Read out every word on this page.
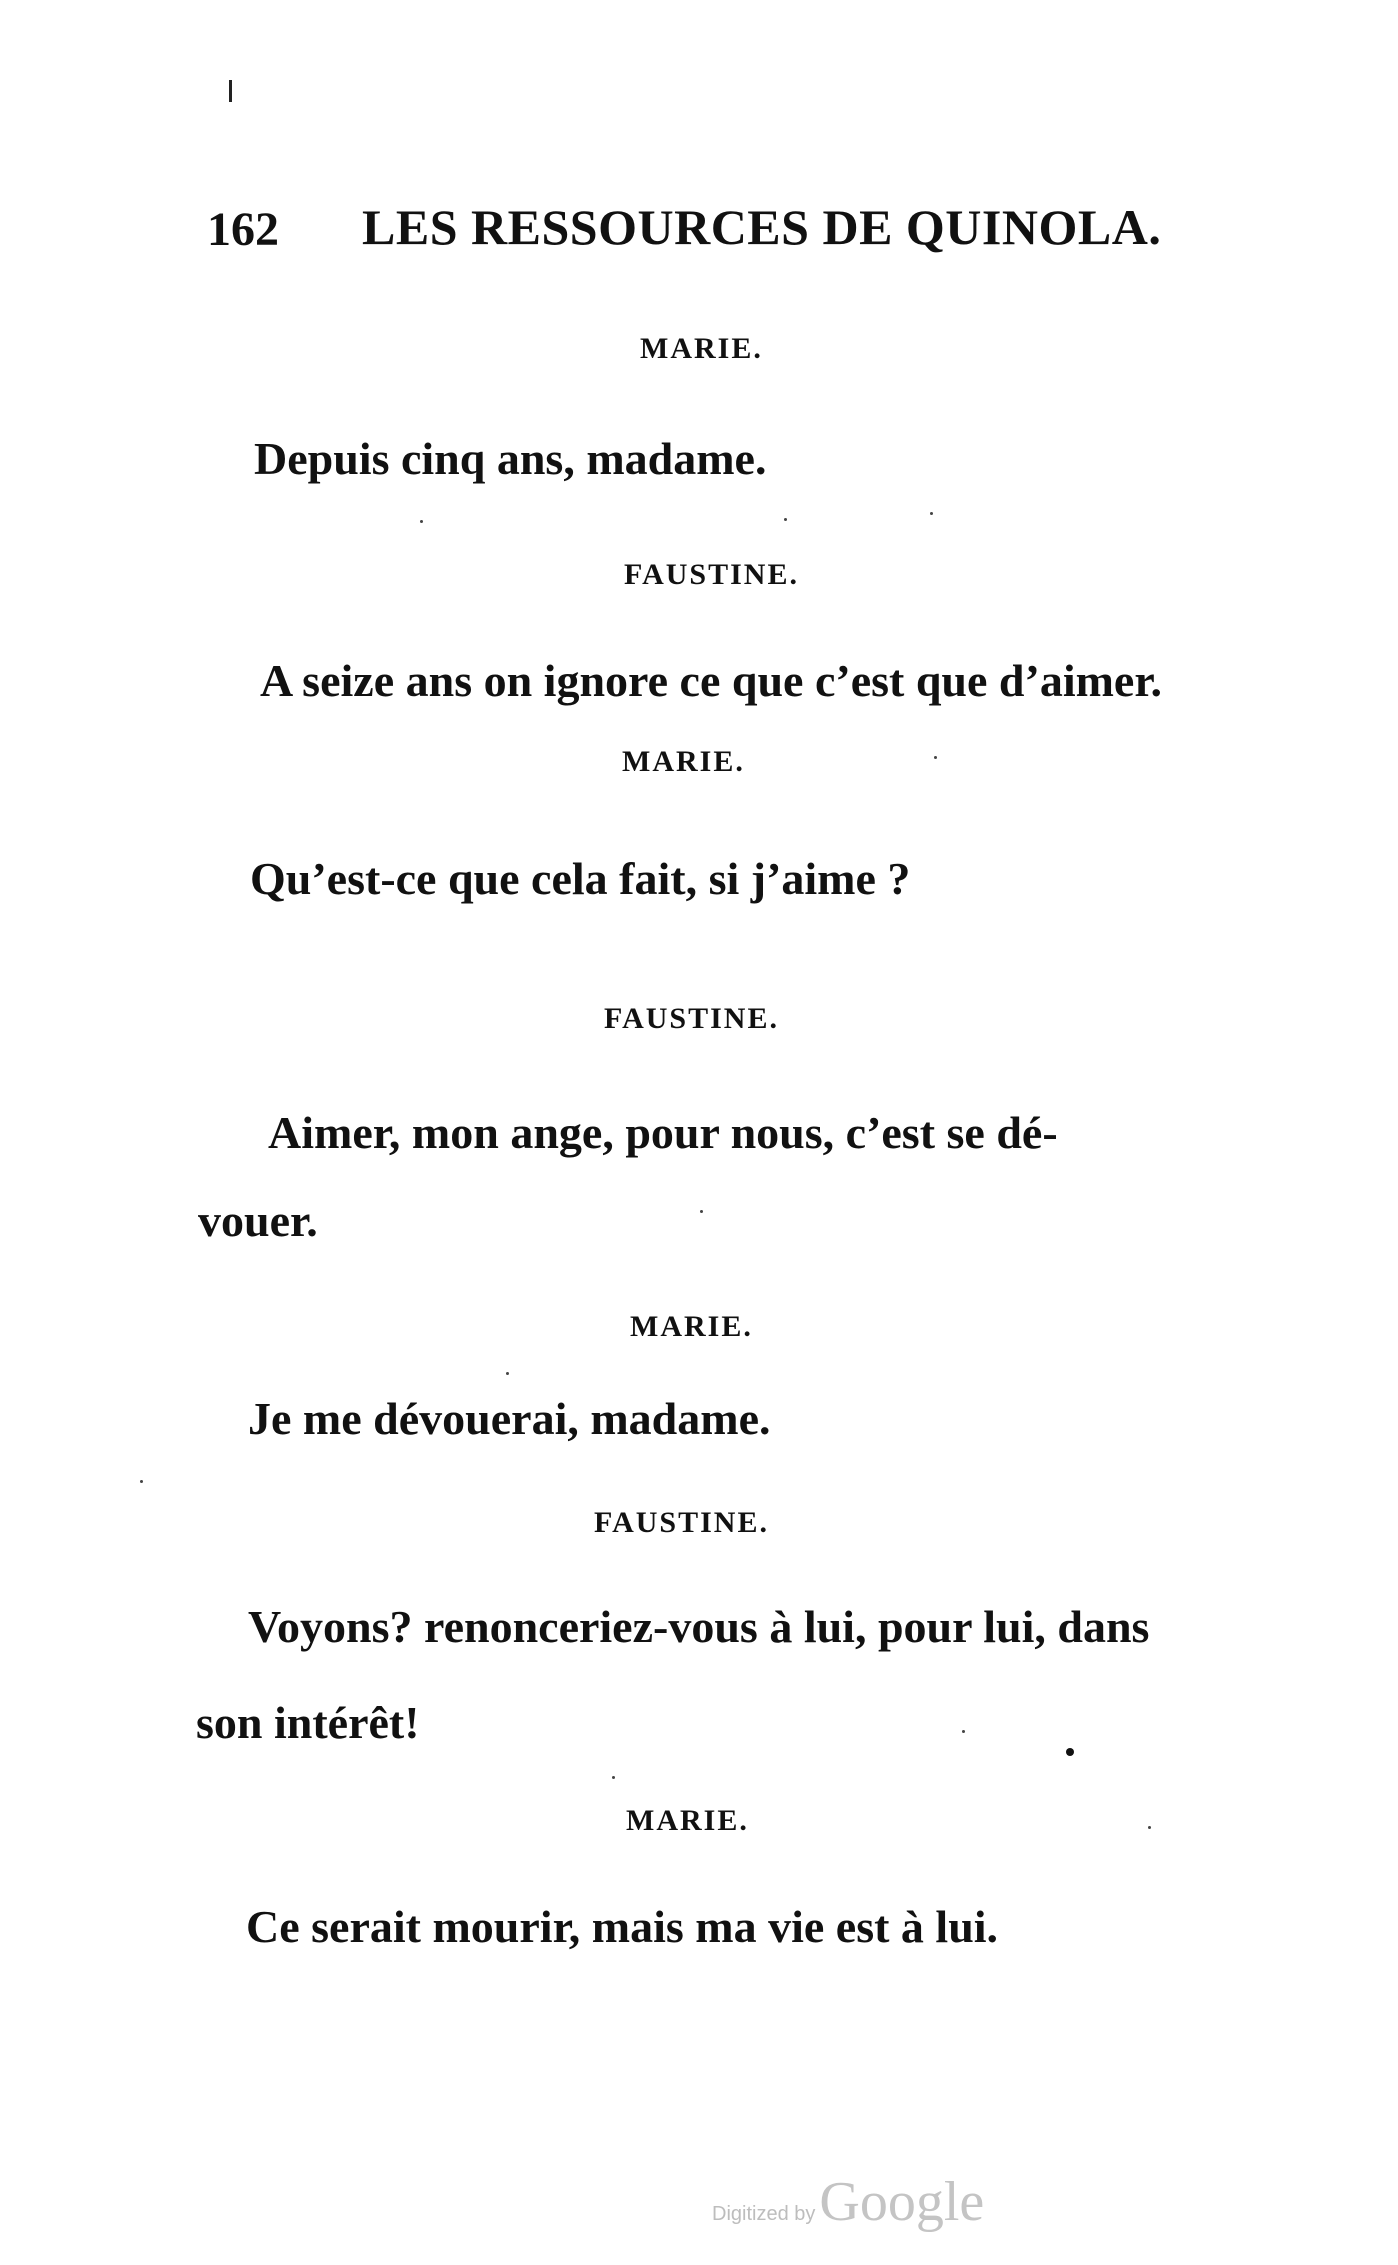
162 LES RESSOURCES DE QUINOLA.
MARIE.
Depuis cinq ans, madame.
FAUSTINE.
A seize ans on ignore ce que c’est que d’aimer.
MARIE.
Qu’est-ce que cela fait, si j’aime ?
FAUSTINE.
Aimer, mon ange, pour nous, c’est se dé-
vouer.
MARIE.
Je me dévouerai, madame.
FAUSTINE.
Voyons? renonceriez-vous à lui, pour lui, dans
son intérêt!
MARIE.
Ce serait mourir, mais ma vie est à lui.
Digitized by Google
